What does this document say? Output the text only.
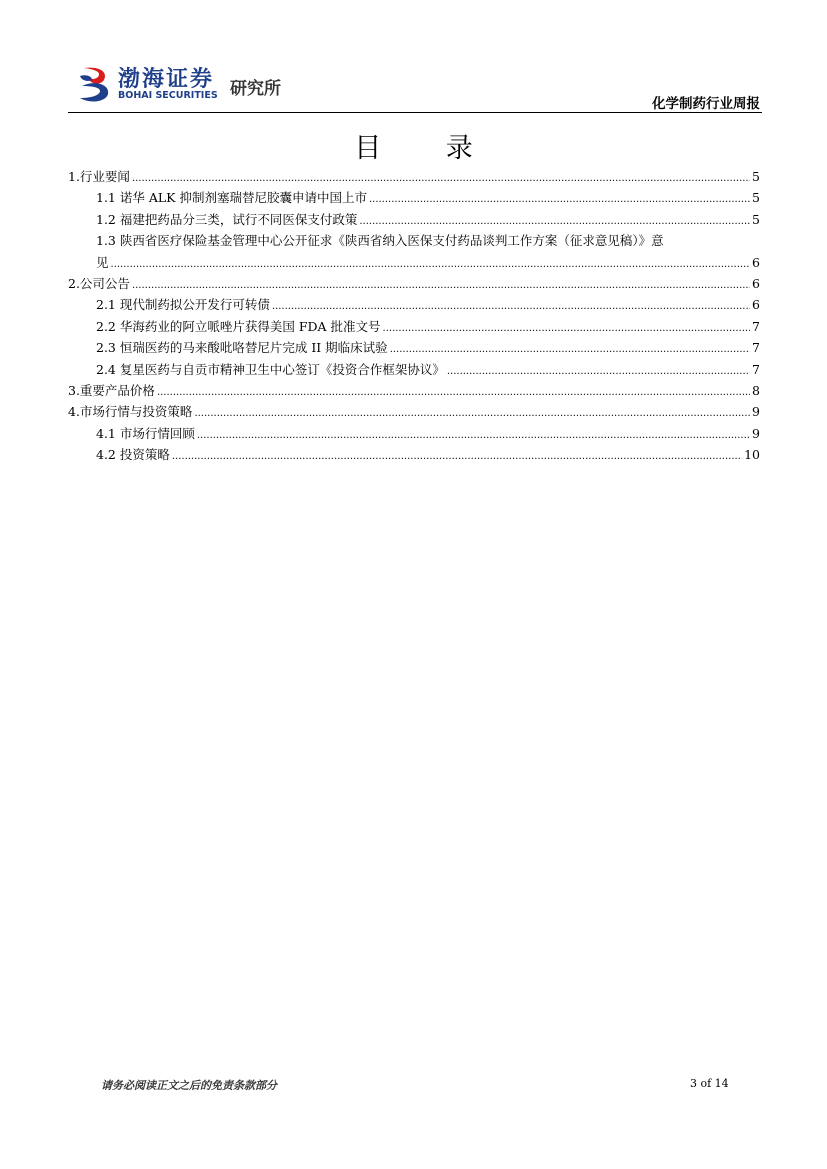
渤海证券
BOHAI SECURITIES 研究所
化学制药行业周报
目 录
1.行业要闻 .....	5
1.1 诺华 ALK 抑制剂塞瑞替尼胶囊申请中国上市 .....	5
1.2 福建把药品分三类，试行不同医保支付政策 .....	5
1.3 陕西省医疗保险基金管理中心公开征求《陕西省纳入医保支付药品谈判工作方案（征求意见稿）》意
见 .....	6
2.公司公告 .....	6
2.1 现代制药拟公开发行可转债 .....	6
2.2 华海药业的阿立哌唑片获得美国 FDA 批准文号 .....	7
2.3 恒瑞医药的马来酸吡咯替尼片完成 II 期临床试验 .....	7
2.4 复星医药与自贡市精神卫生中心签订《投资合作框架协议》 .....	7
3.重要产品价格 .....	8
4.市场行情与投资策略 .....	9
4.1 市场行情回顾 .....	9
4.2 投资策略 .....	10
请务必阅读正文之后的免责条款部分	3 of 14
